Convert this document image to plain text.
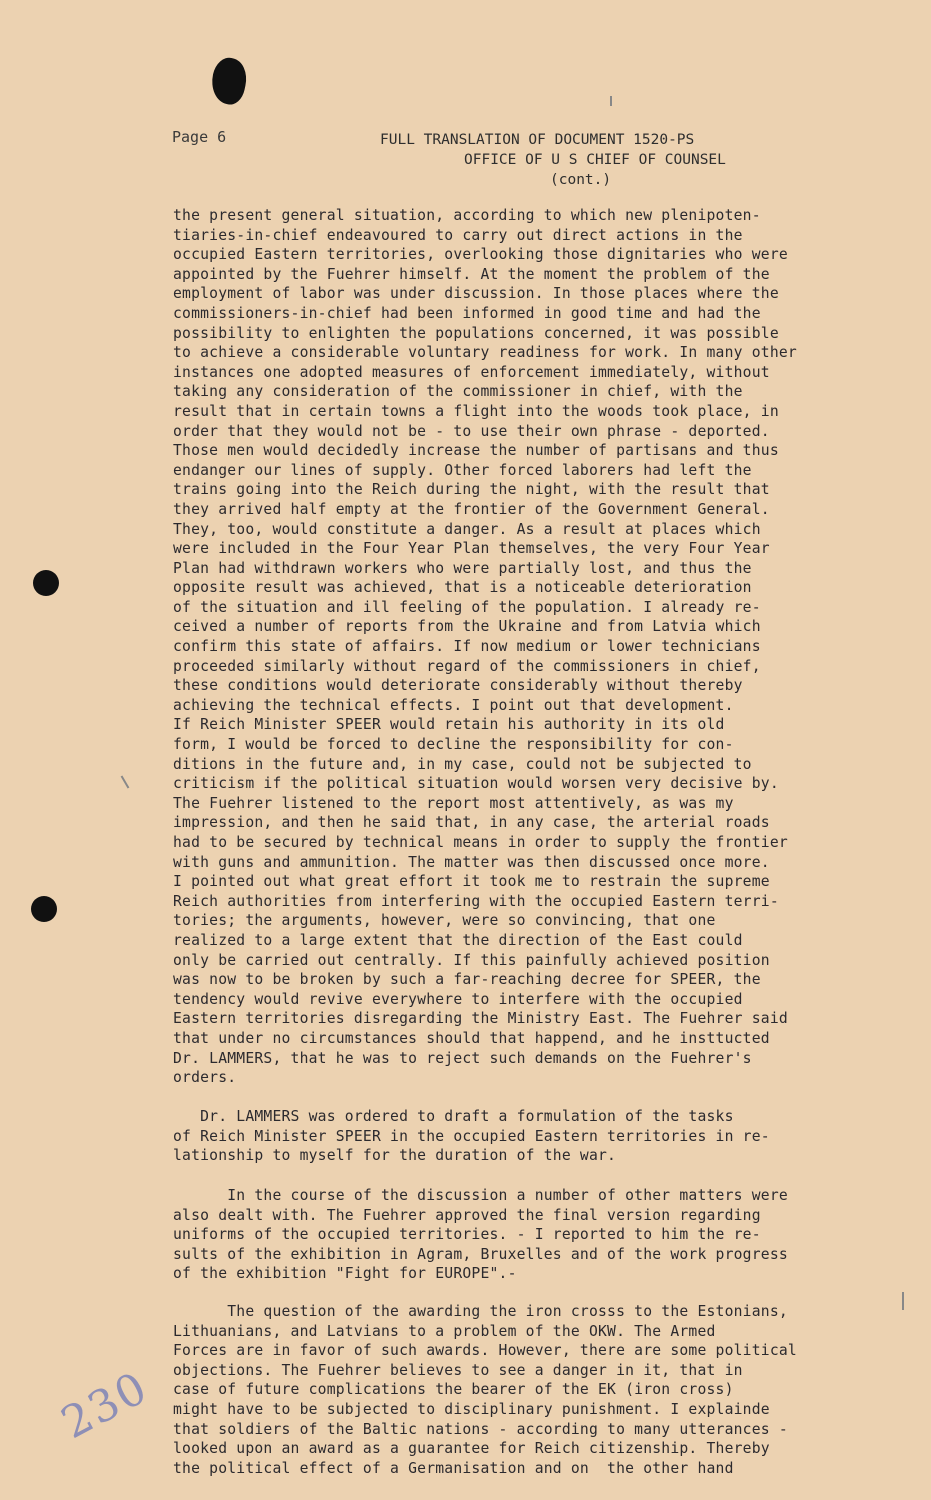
Page 6	FULL TRANSLATION OF DOCUMENT 1520-PS
OFFICE OF U S CHIEF OF COUNSEL
(cont.)
the present general situation, according to which new plenipoten-
tiaries-in-chief endeavoured to carry out direct actions in the
occupied Eastern territories, overlooking those dignitaries who were
appointed by the Fuehrer himself. At the moment the problem of the
employment of labor was under discussion. In those places where the
commissioners-in-chief had been informed in good time and had the
possibility to enlighten the populations concerned, it was possible
to achieve a considerable voluntary readiness for work. In many other
instances one adopted measures of enforcement immediately, without
taking any consideration of the commissioner in chief, with the
result that in certain towns a flight into the woods took place, in
order that they would not be - to use their own phrase - deported.
Those men would decidedly increase the number of partisans and thus
endanger our lines of supply. Other forced laborers had left the
trains going into the Reich during the night, with the result that
they arrived half empty at the frontier of the Government General.
They, too, would constitute a danger. As a result at places which
were included in the Four Year Plan themselves, the very Four Year
Plan had withdrawn workers who were partially lost, and thus the
opposite result was achieved, that is a noticeable deterioration
of the situation and ill feeling of the population. I already re-
ceived a number of reports from the Ukraine and from Latvia which
confirm this state of affairs. If now medium or lower technicians
proceeded similarly without regard of the commissioners in chief,
these conditions would deteriorate considerably without thereby
achieving the technical effects. I point out that development.
If Reich Minister SPEER would retain his authority in its old
form, I would be forced to decline the responsibility for con-
ditions in the future and, in my case, could not be subjected to
criticism if the political situation would worsen very decisive by.
The Fuehrer listened to the report most attentively, as was my
impression, and then he said that, in any case, the arterial roads
had to be secured by technical means in order to supply the frontier
with guns and ammunition. The matter was then discussed once more.
I pointed out what great effort it took me to restrain the supreme
Reich authorities from interfering with the occupied Eastern terri-
tories; the arguments, however, were so convincing, that one
realized to a large extent that the direction of the East could
only be carried out centrally. If this painfully achieved position
was now to be broken by such a far-reaching decree for SPEER, the
tendency would revive everywhere to interfere with the occupied
Eastern territories disregarding the Ministry East. The Fuehrer said
that under no circumstances should that happend, and he insttucted
Dr. LAMMERS, that he was to reject such demands on the Fuehrer's
orders.
Dr. LAMMERS was ordered to draft a formulation of the tasks
of Reich Minister SPEER in the occupied Eastern territories in re-
lationship to myself for the duration of the war.
In the course of the discussion a number of other matters were
also dealt with. The Fuehrer approved the final version regarding
uniforms of the occupied territories. - I reported to him the re-
sults of the exhibition in Agram, Bruxelles and of the work progress
of the exhibition "Fight for EUROPE".-
The question of the awarding the iron crosss to the Estonians,
Lithuanians, and Latvians to a problem of the OKW. The Armed
Forces are in favor of such awards. However, there are some political
objections. The Fuehrer believes to see a danger in it, that in
case of future complications the bearer of the EK (iron cross)
might have to be subjected to disciplinary punishment. I explainde
that soldiers of the Baltic nations - according to many utterances -
looked upon an award as a guarantee for Reich citizenship. Thereby
the political effect of a Germanisation and on  the other hand
230
